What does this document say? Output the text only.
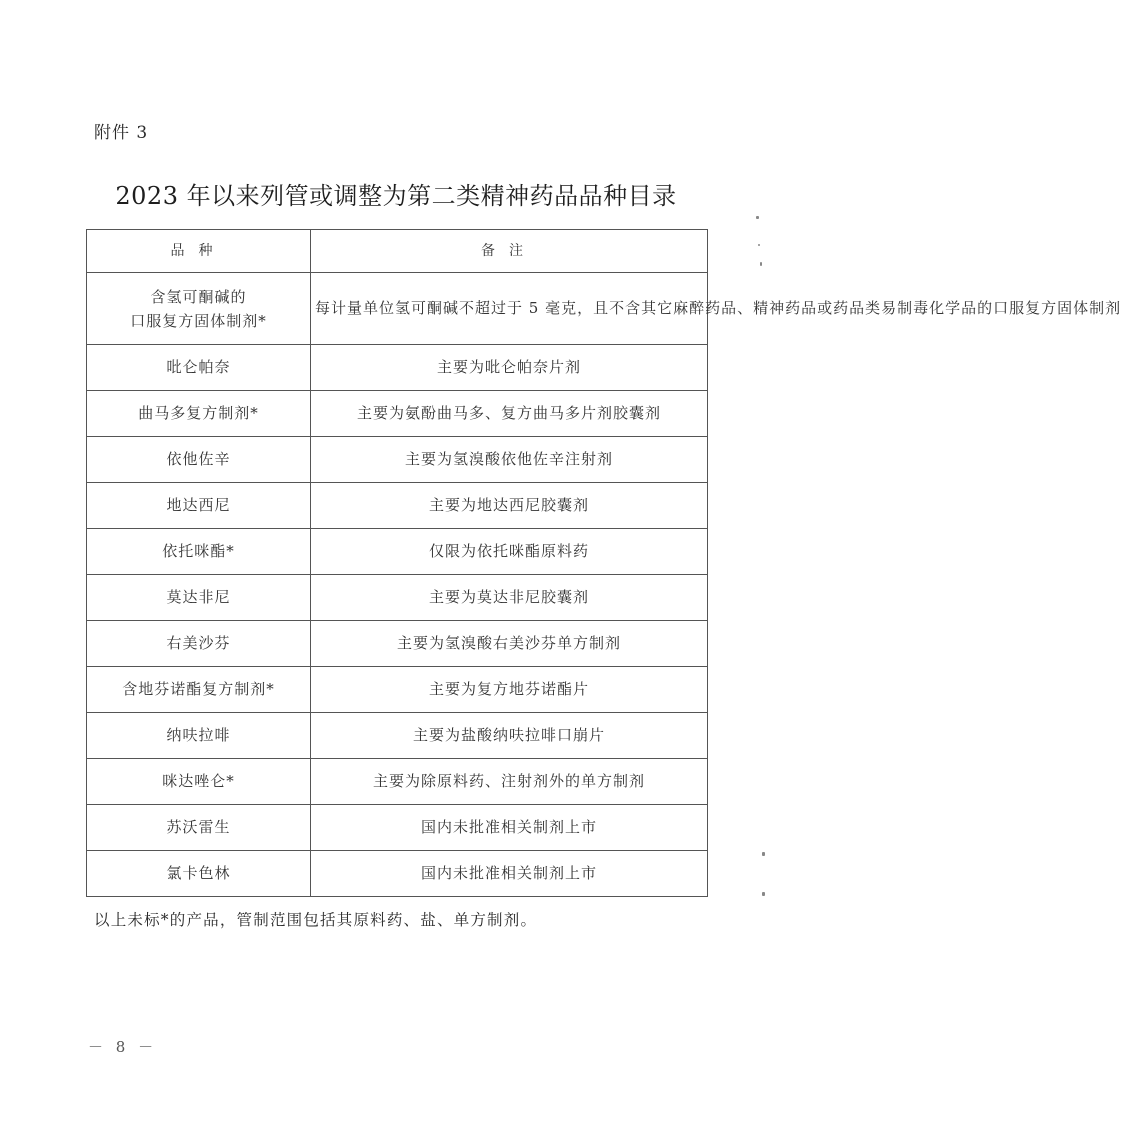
附件 3
2023 年以来列管或调整为第二类精神药品品种目录
品种	备注

含氢可酮碱的
口服复方固体制剂*	每计量单位氢可酮碱不超过于 5 毫克，且不含其它麻醉药品、精神药品或药品类易制毒化学品的口服复方固体制剂
吡仑帕奈	主要为吡仑帕奈片剂
曲马多复方制剂*	主要为氨酚曲马多、复方曲马多片剂胶囊剂
依他佐辛	主要为氢溴酸依他佐辛注射剂
地达西尼	主要为地达西尼胶囊剂
依托咪酯*	仅限为依托咪酯原料药
莫达非尼	主要为莫达非尼胶囊剂
右美沙芬	主要为氢溴酸右美沙芬单方制剂
含地芬诺酯复方制剂*	主要为复方地芬诺酯片
纳呋拉啡	主要为盐酸纳呋拉啡口崩片
咪达唑仑*	主要为除原料药、注射剂外的单方制剂
苏沃雷生	国内未批准相关制剂上市
氯卡色林	国内未批准相关制剂上市
以上未标*的产品，管制范围包括其原料药、盐、单方制剂。
－ 8 －
